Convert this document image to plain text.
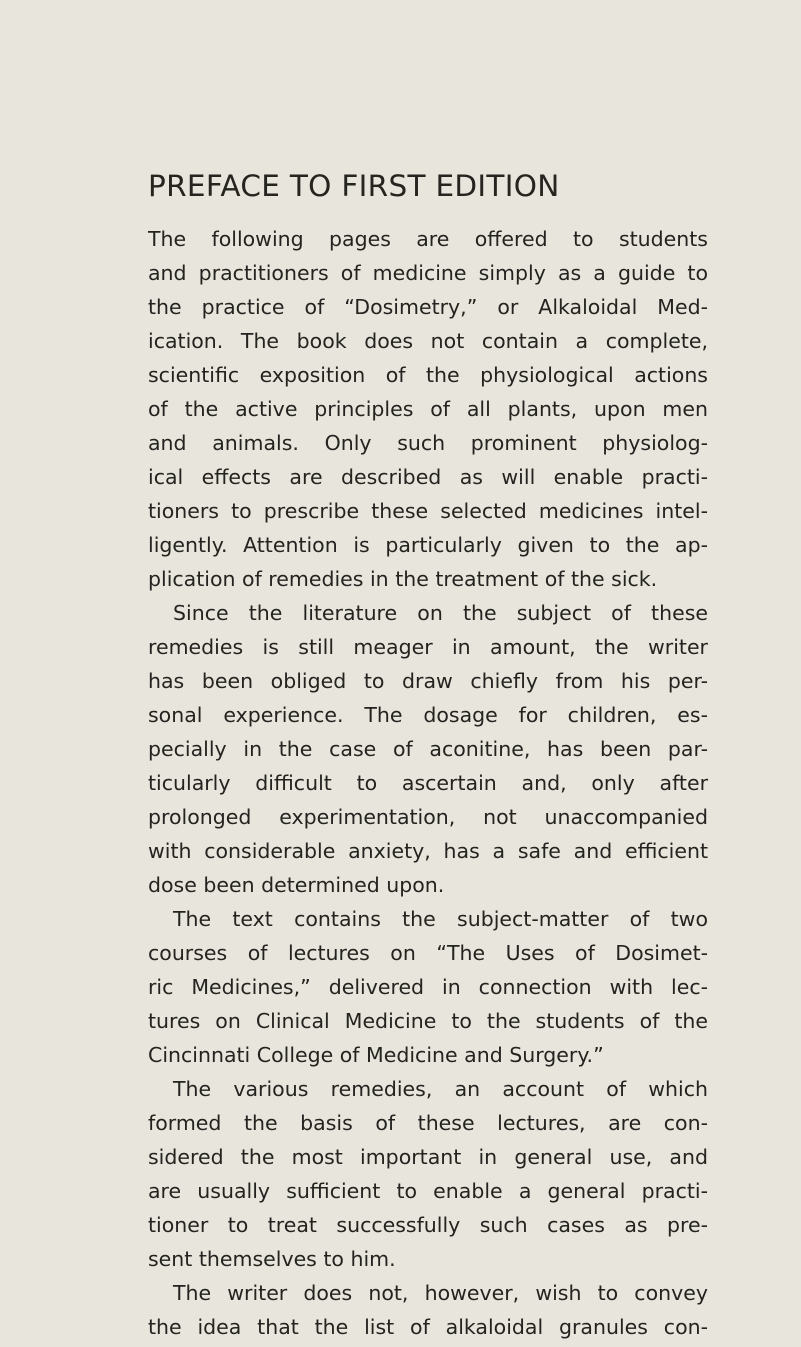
PREFACE TO FIRST EDITION
The following pages are offered to students
and practitioners of medicine simply as a guide to
the practice of “Dosimetry,” or Alkaloidal Med-
ication. The book does not contain a complete,
scientific exposition of the physiological actions
of the active principles of all plants, upon men
and animals. Only such prominent physiolog-
ical effects are described as will enable practi-
tioners to prescribe these selected medicines intel-
ligently. Attention is particularly given to the ap-
plication of remedies in the treatment of the sick.
Since the literature on the subject of these
remedies is still meager in amount, the writer
has been obliged to draw chiefly from his per-
sonal experience. The dosage for children, es-
pecially in the case of aconitine, has been par-
ticularly difficult to ascertain and, only after
prolonged experimentation, not unaccompanied
with considerable anxiety, has a safe and efficient
dose been determined upon.
The text contains the subject-matter of two
courses of lectures on “The Uses of Dosimet-
ric Medicines,” delivered in connection with lec-
tures on Clinical Medicine to the students of the
Cincinnati College of Medicine and Surgery.”
The various remedies, an account of which
formed the basis of these lectures, are con-
sidered the most important in general use, and
are usually sufficient to enable a general practi-
tioner to treat successfully such cases as pre-
sent themselves to him.
The writer does not, however, wish to convey
the idea that the list of alkaloidal granules con-
